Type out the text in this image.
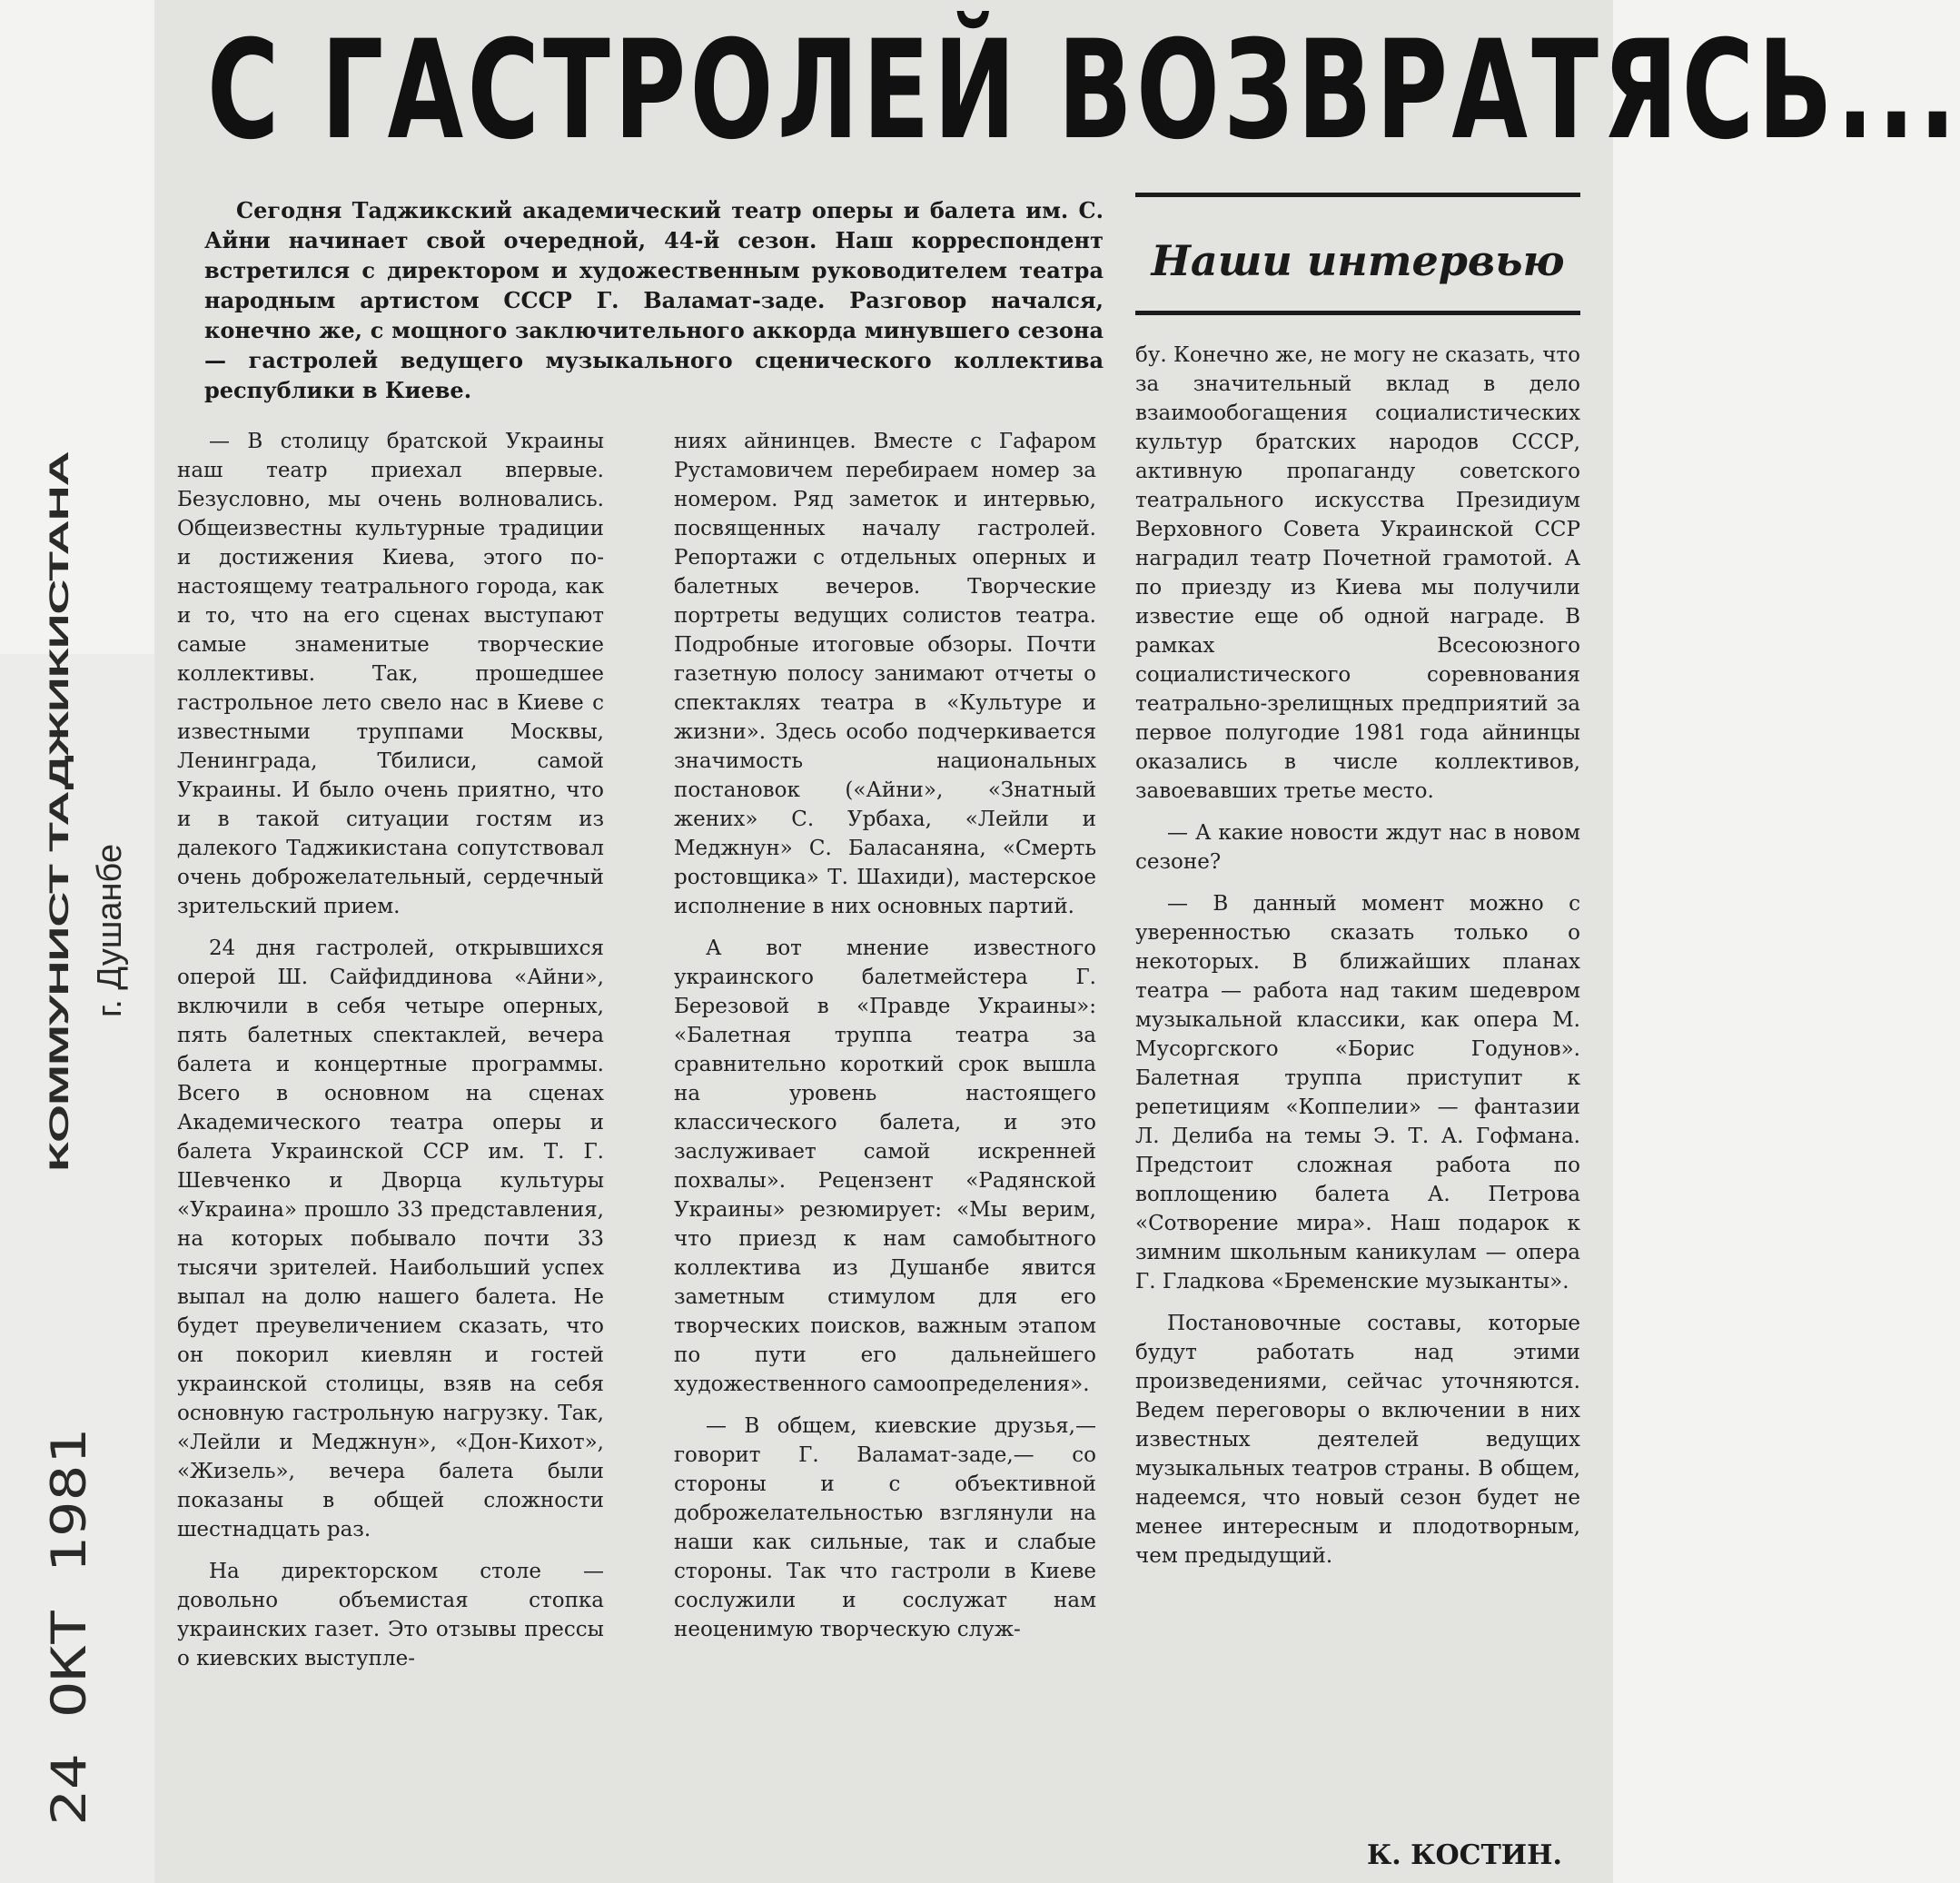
КОММУНИСТ ТАДЖИКИСТАНА г. Душанбе
24 ОКТ 1981
С ГАСТРОЛЕЙ ВОЗВРАТЯСЬ...

Сегодня Таджикский академический театр оперы и балета им. С. Айни начинает свой очередной, 44-й сезон. Наш корреспондент встретился с директором и художественным руководителем театра народным артистом СССР Г. Валамат-заде. Разговор начался, конечно же, с мощного заключительного аккорда минувшего сезона — гастролей ведущего музыкального сценического коллектива республики в Киеве.

Наши интервью

— В столицу братской Украины наш театр приехал впервые. Безусловно, мы очень волновались. Общеизвестны культурные традиции и достижения Киева, этого по-настоящему театрального города, как и то, что на его сценах выступают самые знаменитые творческие коллективы. Так, прошедшее гастрольное лето свело нас в Киеве с известными труппами Москвы, Ленинграда, Тбилиси, самой Украины. И было очень приятно, что и в такой ситуации гостям из далекого Таджикистана сопутствовал очень доброжелательный, сердечный зрительский прием.

24 дня гастролей, открывшихся оперой Ш. Сайфиддинова «Айни», включили в себя четыре оперных, пять балетных спектаклей, вечера балета и концертные программы. Всего в основном на сценах Академического театра оперы и балета Украинской ССР им. Т. Г. Шевченко и Дворца культуры «Украина» прошло 33 представления, на которых побывало почти 33 тысячи зрителей. Наибольший успех выпал на долю нашего балета. Не будет преувеличением сказать, что он покорил киевлян и гостей украинской столицы, взяв на себя основную гастрольную нагрузку. Так, «Лейли и Меджнун», «Дон-Кихот», «Жизель», вечера балета были показаны в общей сложности шестнадцать раз.

На директорском столе — довольно объемистая стопка украинских газет. Это отзывы прессы о киевских выступле-

ниях айнинцев. Вместе с Гафаром Рустамовичем перебираем номер за номером. Ряд заметок и интервью, посвященных началу гастролей. Репортажи с отдельных оперных и балетных вечеров. Творческие портреты ведущих солистов театра. Подробные итоговые обзоры. Почти газетную полосу занимают отчеты о спектаклях театра в «Культуре и жизни». Здесь особо подчеркивается значимость национальных постановок («Айни», «Знатный жених» С. Урбаха, «Лейли и Меджнун» С. Баласаняна, «Смерть ростовщика» Т. Шахиди), мастерское исполнение в них основных партий.

А вот мнение известного украинского балетмейстера Г. Березовой в «Правде Украины»: «Балетная труппа театра за сравнительно короткий срок вышла на уровень настоящего классического балета, и это заслуживает самой искренней похвалы». Рецензент «Радянской Украины» резюмирует: «Мы верим, что приезд к нам самобытного коллектива из Душанбе явится заметным стимулом для его творческих поисков, важным этапом по пути его дальнейшего художественного самоопределения».

— В общем, киевские друзья,— говорит Г. Валамат-заде,— со стороны и с объективной доброжелательностью взглянули на наши как сильные, так и слабые стороны. Так что гастроли в Киеве сослужили и сослужат нам неоценимую творческую служ-

бу. Конечно же, не могу не сказать, что за значительный вклад в дело взаимообогащения социалистических культур братских народов СССР, активную пропаганду советского театрального искусства Президиум Верховного Совета Украинской ССР наградил театр Почетной грамотой. А по приезду из Киева мы получили известие еще об одной награде. В рамках Всесоюзного социалистического соревнования театрально-зрелищных предприятий за первое полугодие 1981 года айнинцы оказались в числе коллективов, завоевавших третье место.

— А какие новости ждут нас в новом сезоне?

— В данный момент можно с уверенностью сказать только о некоторых. В ближайших планах театра — работа над таким шедевром музыкальной классики, как опера М. Мусоргского «Борис Годунов». Балетная труппа приступит к репетициям «Коппелии» — фантазии Л. Делиба на темы Э. Т. А. Гофмана. Предстоит сложная работа по воплощению балета А. Петрова «Сотворение мира». Наш подарок к зимним школьным каникулам — опера Г. Гладкова «Бременские музыканты».

Постановочные составы, которые будут работать над этими произведениями, сейчас уточняются. Ведем переговоры о включении в них известных деятелей ведущих музыкальных театров страны. В общем, надеемся, что новый сезон будет не менее интересным и плодотворным, чем предыдущий.

К. КОСТИН.
